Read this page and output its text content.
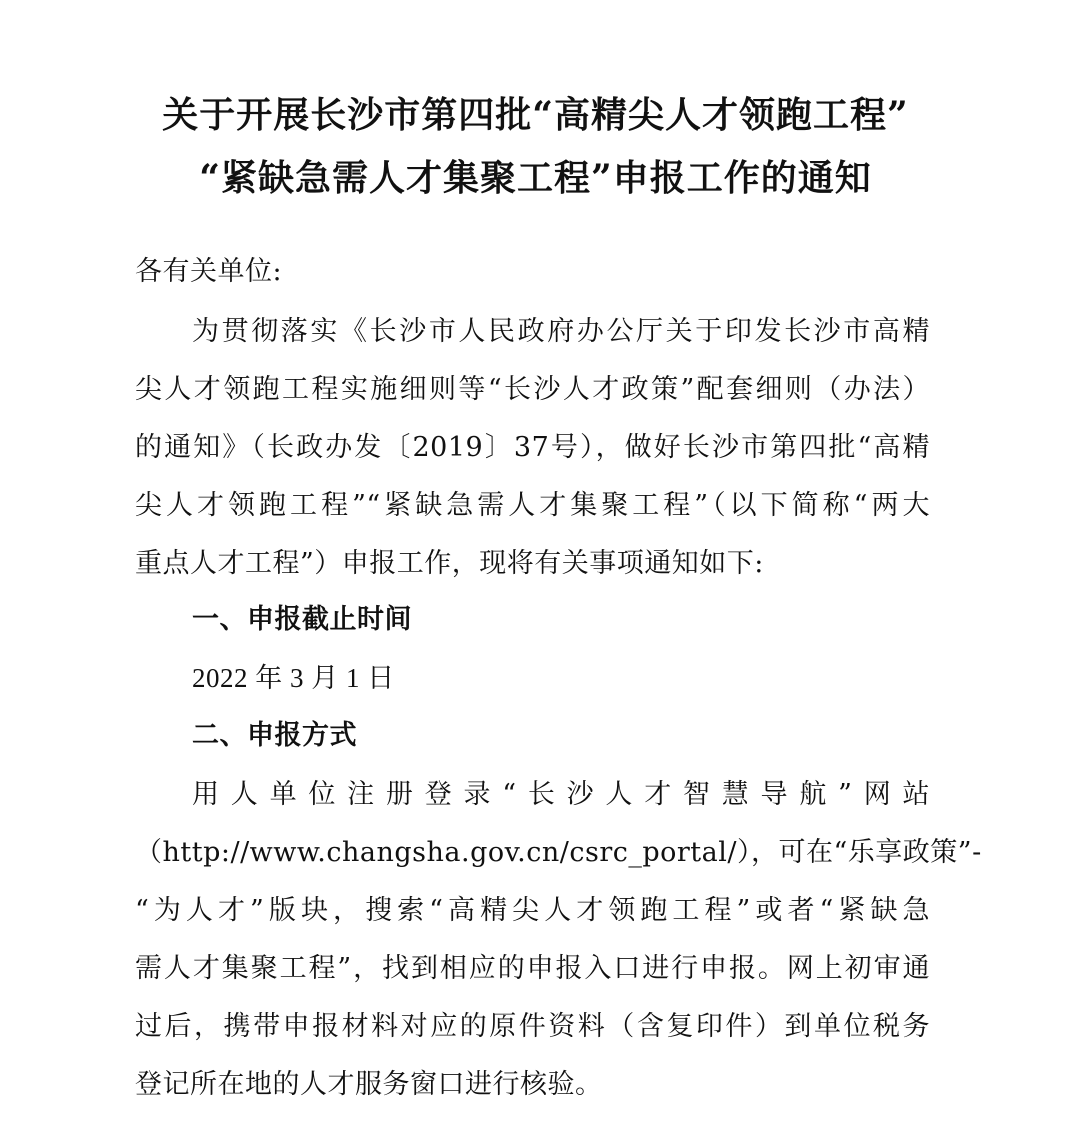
关于开展长沙市第四批“高精尖人才领跑工程”
“紧缺急需人才集聚工程”申报工作的通知
各有关单位:
为贯彻落实《长沙市人民政府办公厅关于印发长沙市高精
尖人才领跑工程实施细则等“长沙人才政策”配套细则（办法）
的通知》（长政办发〔2019〕37号），做好长沙市第四批“高精
尖人才领跑工程”“紧缺急需人才集聚工程”（以下简称“两大
重点人才工程”）申报工作，现将有关事项通知如下:
一、申报截止时间
2022 年 3 月 1 日
二、申报方式
用人单位注册登录“长沙人才智慧导航”网站
（http://www.changsha.gov.cn/csrc_portal/），可在“乐享政策”-
“为人才”版块，搜索“高精尖人才领跑工程”或者“紧缺急
需人才集聚工程”，找到相应的申报入口进行申报。网上初审通
过后，携带申报材料对应的原件资料（含复印件）到单位税务
登记所在地的人才服务窗口进行核验。
